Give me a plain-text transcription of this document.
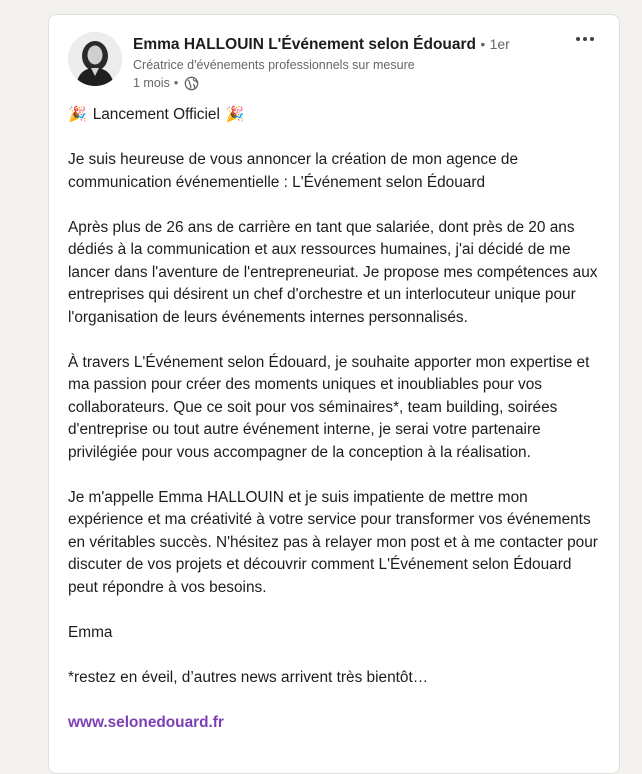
Emma HALLOUIN L'Événement selon Édouard • 1er
Créatrice d'événements professionnels sur mesure
1 mois •

🎉 Lancement Officiel 🎉

Je suis heureuse de vous annoncer la création de mon agence de communication événementielle : L'Événement selon Édouard

Après plus de 26 ans de carrière en tant que salariée, dont près de 20 ans dédiés à la communication et aux ressources humaines, j'ai décidé de me lancer dans l'aventure de l'entrepreneuriat. Je propose mes compétences aux entreprises qui désirent un chef d'orchestre et un interlocuteur unique pour l'organisation de leurs événements internes personnalisés.

À travers L'Événement selon Édouard, je souhaite apporter mon expertise et ma passion pour créer des moments uniques et inoubliables pour vos collaborateurs. Que ce soit pour vos séminaires*, team building, soirées d'entreprise ou tout autre événement interne, je serai votre partenaire privilégiée pour vous accompagner de la conception à la réalisation.

Je m'appelle Emma HALLOUIN et je suis impatiente de mettre mon expérience et ma créativité à votre service pour transformer vos événements en véritables succès. N'hésitez pas à relayer mon post et à me contacter pour discuter de vos projets et découvrir comment L'Événement selon Édouard peut répondre à vos besoins.

Emma

*restez en éveil, d’autres news arrivent très bientôt…

www.selonedouard.fr
